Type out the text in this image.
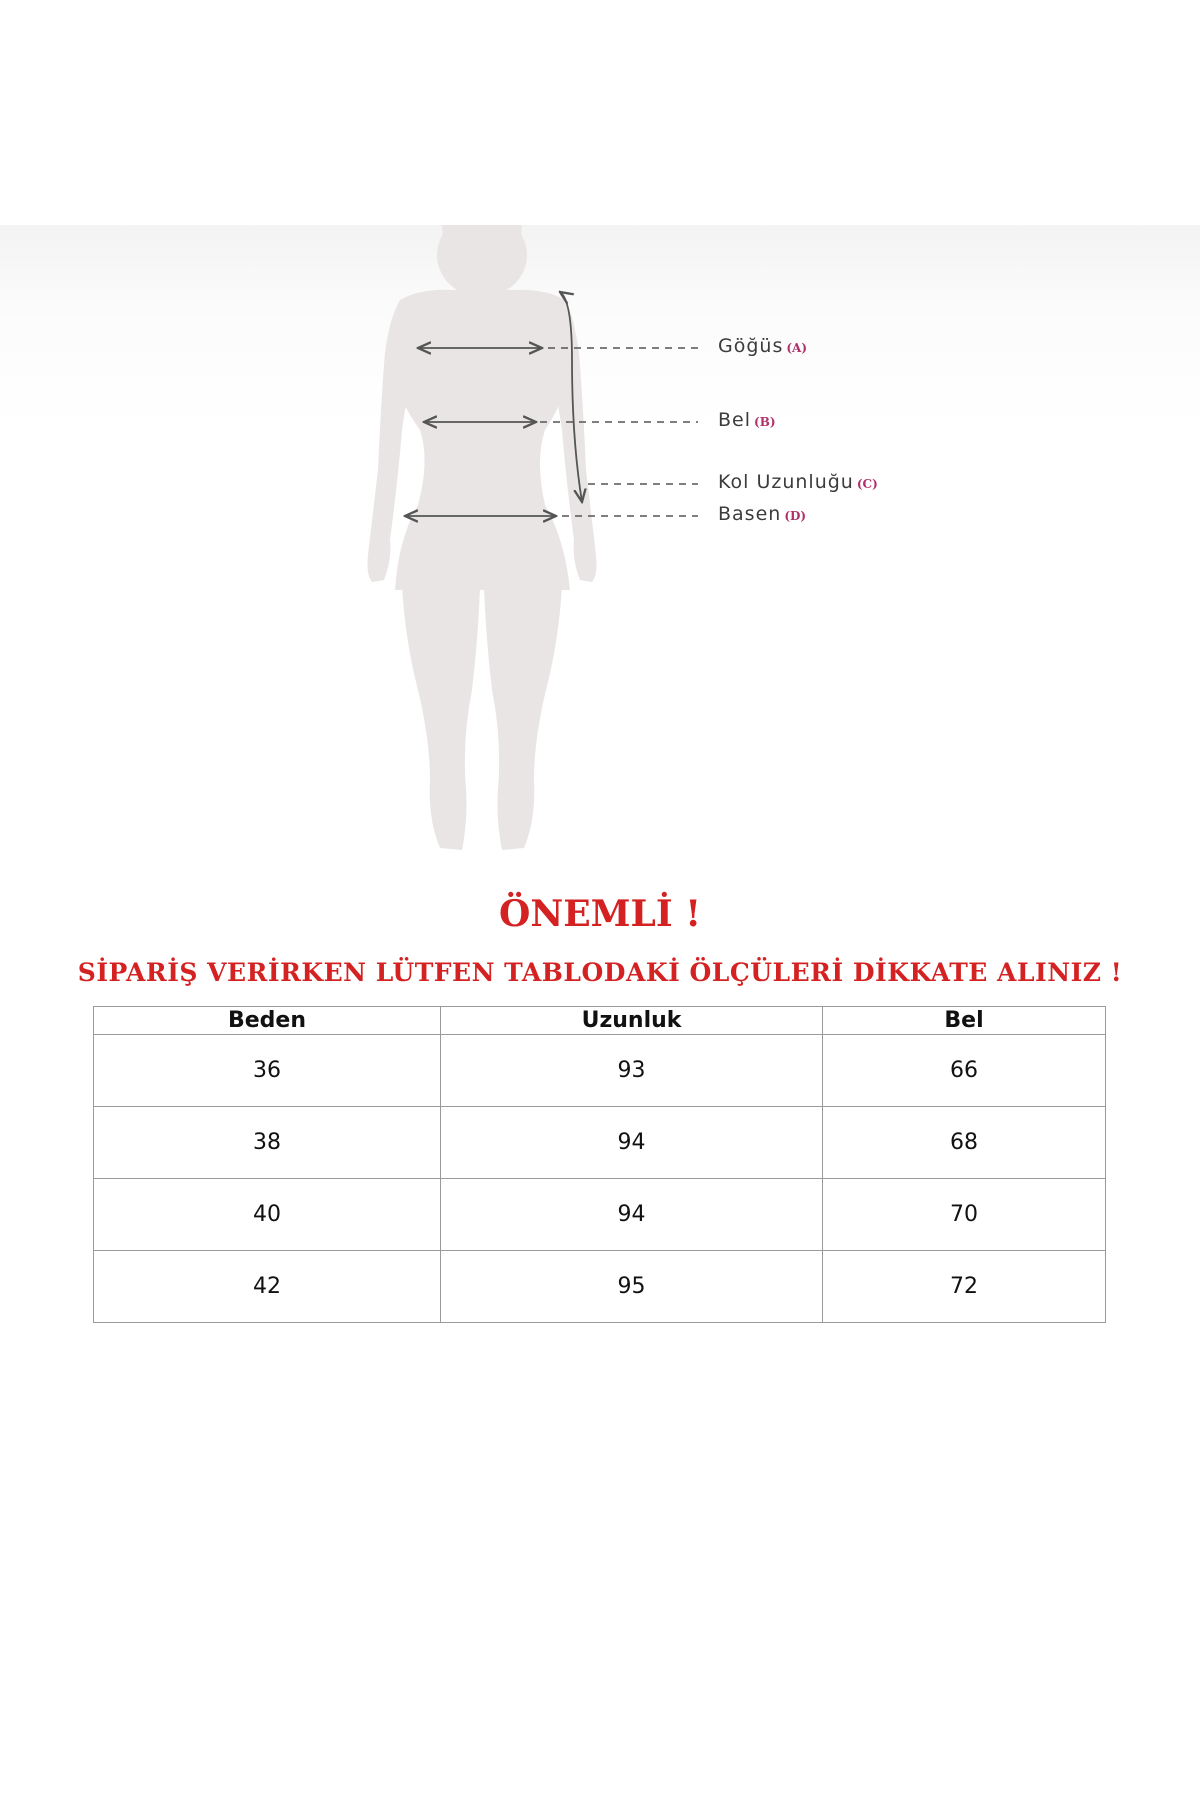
Göğüs (A)
Bel (B)
Kol Uzunluğu (C)
Basen (D)
ÖNEMLİ !
SİPARİŞ VERİRKEN LÜTFEN TABLODAKİ ÖLÇÜLERİ DİKKATE ALINIZ !
Beden	Uzunluk	Bel
36	93	66
38	94	68
40	94	70
42	95	72
